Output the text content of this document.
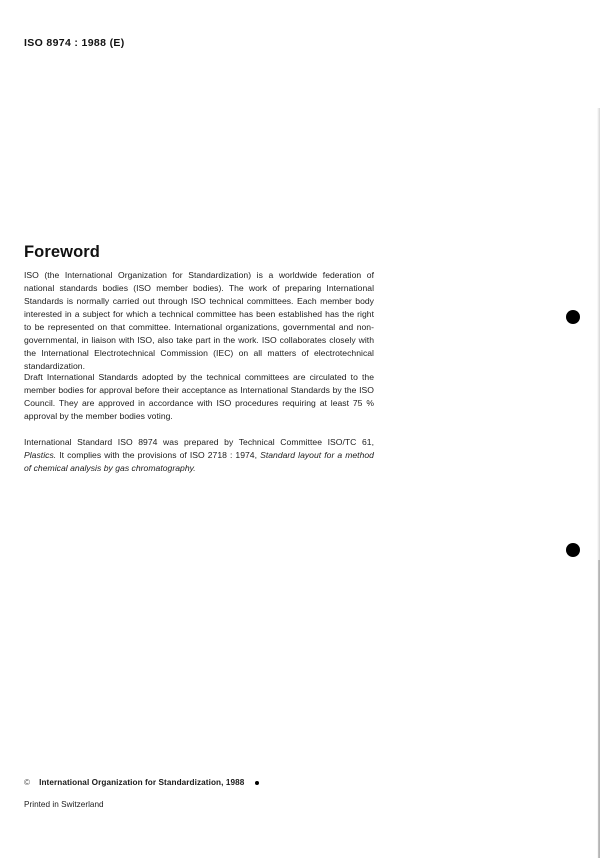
ISO 8974 : 1988 (E)
Foreword

ISO (the International Organization for Standardization) is a worldwide federation of national standards bodies (ISO member bodies). The work of preparing International Standards is normally carried out through ISO technical committees. Each member body interested in a subject for which a technical committee has been established has the right to be represented on that committee. International organizations, governmental and non-governmental, in liaison with ISO, also take part in the work. ISO collaborates closely with the International Electrotechnical Commission (IEC) on all matters of electrotechnical standardization.

Draft International Standards adopted by the technical committees are circulated to the member bodies for approval before their acceptance as International Standards by the ISO Council. They are approved in accordance with ISO procedures requiring at least 75 % approval by the member bodies voting.

International Standard ISO 8974 was prepared by Technical Committee ISO/TC 61, Plastics. It complies with the provisions of ISO 2718 : 1974, Standard layout for a method of chemical analysis by gas chromatography.

© International Organization for Standardization, 1988
Printed in Switzerland
